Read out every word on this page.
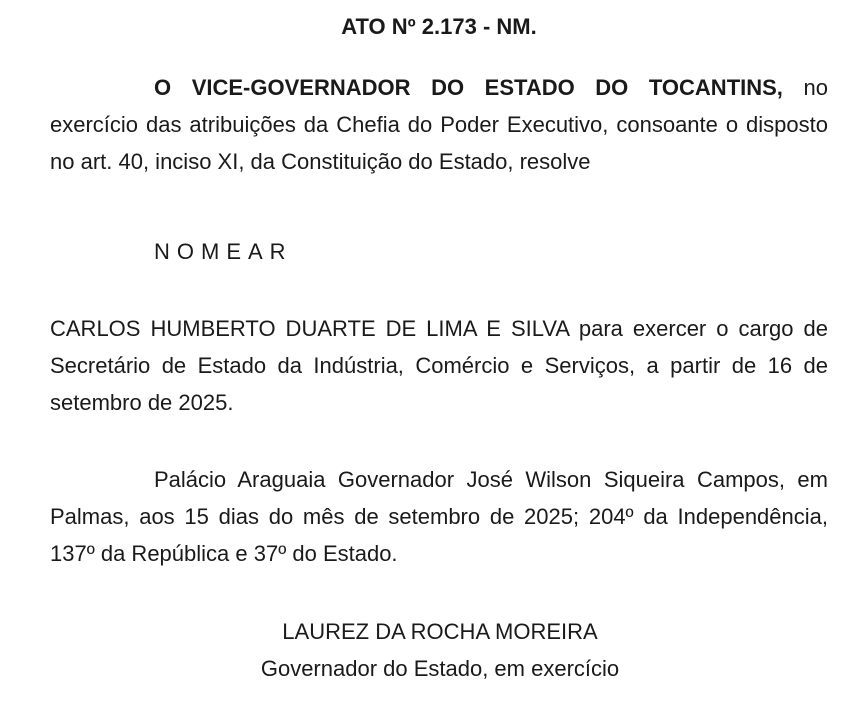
ATO Nº 2.173 - NM.

O VICE-GOVERNADOR DO ESTADO DO TOCANTINS, no exercício das atribuições da Chefia do Poder Executivo, consoante o disposto no art. 40, inciso XI, da Constituição do Estado, resolve

NOMEAR

CARLOS HUMBERTO DUARTE DE LIMA E SILVA para exercer o cargo de Secretário de Estado da Indústria, Comércio e Serviços, a partir de 16 de setembro de 2025.

Palácio Araguaia Governador José Wilson Siqueira Campos, em Palmas, aos 15 dias do mês de setembro de 2025; 204º da Independência, 137º da República e 37º do Estado.

LAUREZ DA ROCHA MOREIRA

Governador do Estado, em exercício
